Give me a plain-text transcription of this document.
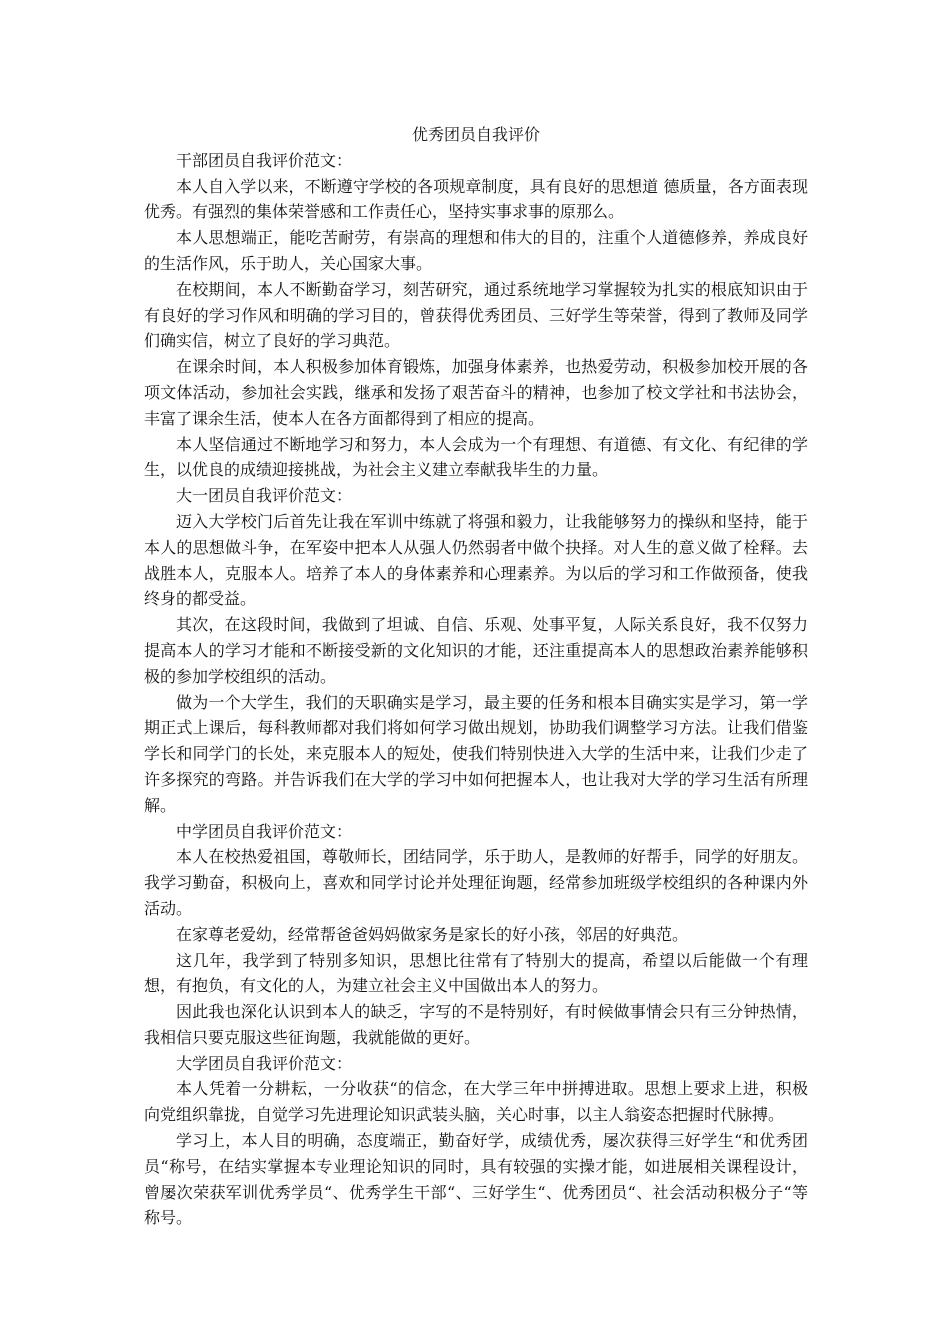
优秀团员自我评价

干部团员自我评价范文：

本人自入学以来，不断遵守学校的各项规章制度，具有良好的思想道 德质量，各方面表现优秀。有强烈的集体荣誉感和工作责任心，坚持实事求事的原那么。

本人思想端正，能吃苦耐劳，有崇高的理想和伟大的目的，注重个人道德修养，养成良好的生活作风，乐于助人，关心国家大事。

在校期间，本人不断勤奋学习，刻苦研究，通过系统地学习掌握较为扎实的根底知识由于有良好的学习作风和明确的学习目的，曾获得优秀团员、三好学生等荣誉，得到了教师及同学们确实信，树立了良好的学习典范。

在课余时间，本人积极参加体育锻炼，加强身体素养，也热爱劳动，积极参加校开展的各项文体活动，参加社会实践，继承和发扬了艰苦奋斗的精神，也参加了校文学社和书法协会，丰富了课余生活，使本人在各方面都得到了相应的提高。

本人坚信通过不断地学习和努力，本人会成为一个有理想、有道德、有文化、有纪律的学生，以优良的成绩迎接挑战，为社会主义建立奉献我毕生的力量。

大一团员自我评价范文：

迈入大学校门后首先让我在军训中练就了将强和毅力，让我能够努力的操纵和坚持，能于本人的思想做斗争，在军姿中把本人从强人仍然弱者中做个抉择。对人生的意义做了栓释。去战胜本人，克服本人。培养了本人的身体素养和心理素养。为以后的学习和工作做预备，使我终身的都受益。

其次，在这段时间，我做到了坦诚、自信、乐观、处事平复，人际关系良好，我不仅努力提高本人的学习才能和不断接受新的文化知识的才能，还注重提高本人的思想政治素养能够积极的参加学校组织的活动。

做为一个大学生，我们的天职确实是学习，最主要的任务和根本目确实实是学习，第一学期正式上课后，每科教师都对我们将如何学习做出规划，协助我们调整学习方法。让我们借鉴学长和同学门的长处，来克服本人的短处，使我们特别快进入大学的生活中来，让我们少走了许多探究的弯路。并告诉我们在大学的学习中如何把握本人，也让我对大学的学习生活有所理解。

中学团员自我评价范文：

本人在校热爱祖国，尊敬师长，团结同学，乐于助人，是教师的好帮手，同学的好朋友。我学习勤奋，积极向上，喜欢和同学讨论并处理征询题，经常参加班级学校组织的各种课内外活动。

在家尊老爱幼，经常帮爸爸妈妈做家务是家长的好小孩，邻居的好典范。

这几年，我学到了特别多知识，思想比往常有了特别大的提高，希望以后能做一个有理想，有抱负，有文化的人，为建立社会主义中国做出本人的努力。

因此我也深化认识到本人的缺乏，字写的不是特别好，有时候做事情会只有三分钟热情，我相信只要克服这些征询题，我就能做的更好。

大学团员自我评价范文：

本人凭着一分耕耘，一分收获“的信念，在大学三年中拼搏进取。思想上要求上进，积极向党组织靠拢，自觉学习先进理论知识武装头脑，关心时事，以主人翁姿态把握时代脉搏。

学习上，本人目的明确，态度端正，勤奋好学，成绩优秀，屡次获得三好学生“和优秀团员“称号，在结实掌握本专业理论知识的同时，具有较强的实操才能，如进展相关课程设计，曾屡次荣获军训优秀学员“、优秀学生干部“、三好学生“、优秀团员“、社会活动积极分子“等称号。
